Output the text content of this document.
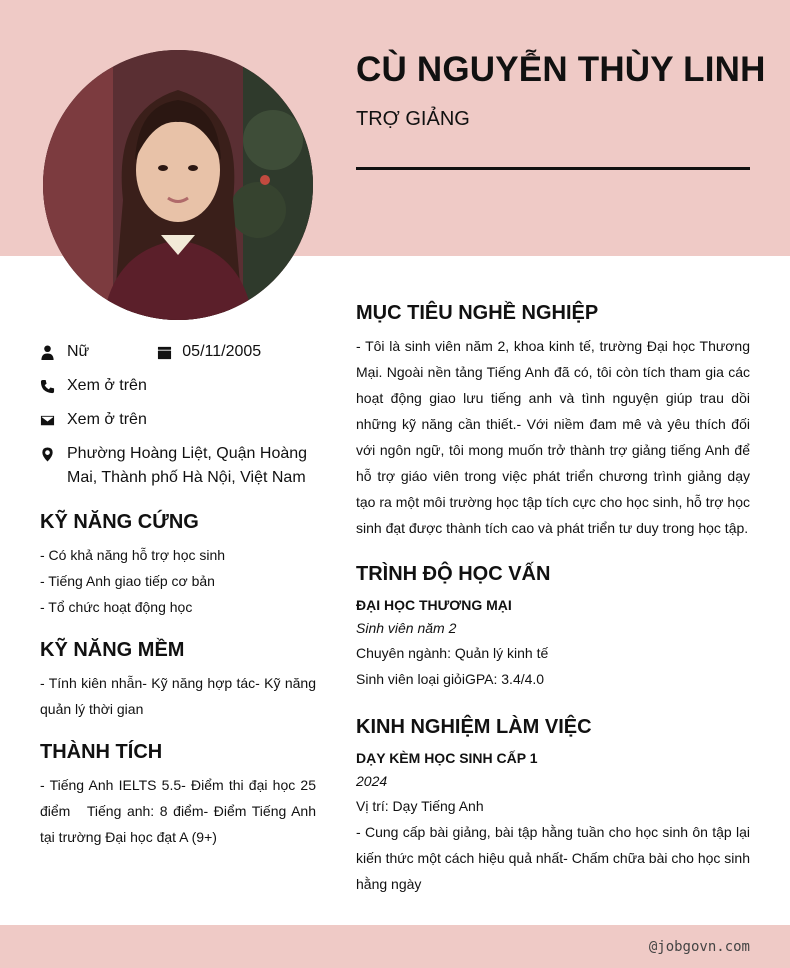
CÙ NGUYỄN THÙY LINH
TRỢ GIẢNG
Nữ	05/11/2005
Xem ở trên
Xem ở trên
Phường Hoàng Liệt, Quận Hoàng Mai, Thành phố Hà Nội, Việt Nam
KỸ NĂNG CỨNG
- Có khả năng hỗ trợ học sinh
- Tiếng Anh giao tiếp cơ bản
- Tổ chức hoạt động học
KỸ NĂNG MỀM
- Tính kiên nhẫn- Kỹ năng hợp tác- Kỹ năng quản lý thời gian
THÀNH TÍCH
- Tiếng Anh IELTS 5.5- Điểm thi đại học 25 điểm   Tiếng anh: 8 điểm- Điểm Tiếng Anh tại trường Đại học đạt A (9+)
MỤC TIÊU NGHỀ NGHIỆP
- Tôi là sinh viên năm 2, khoa kinh tế, trường Đại học Thương Mại. Ngoài nền tảng Tiếng Anh đã có, tôi còn tích tham gia các hoạt động giao lưu tiếng anh và tình nguyện giúp trau dồi những kỹ năng cần thiết.- Với niềm đam mê và yêu thích đối với ngôn ngữ, tôi mong muốn trở thành trợ giảng tiếng Anh để hỗ trợ giáo viên trong việc phát triển chương trình giảng dạy tạo ra một môi trường học tập tích cực cho học sinh, hỗ trợ học sinh đạt được thành tích cao và phát triển tư duy trong học tập.
TRÌNH ĐỘ HỌC VẤN
ĐẠI HỌC THƯƠNG MẠI
Sinh viên năm 2
Chuyên ngành: Quản lý kinh tế
Sinh viên loại giỏiGPA: 3.4/4.0
KINH NGHIỆM LÀM VIỆC
DẠY KÈM HỌC SINH CẤP 1
2024
Vị trí: Dạy Tiếng Anh
- Cung cấp bài giảng, bài tập hằng tuần cho học sinh ôn tập lại kiến thức một cách hiệu quả nhất- Chấm chữa bài cho học sinh hằng ngày
@jobgovn.com
